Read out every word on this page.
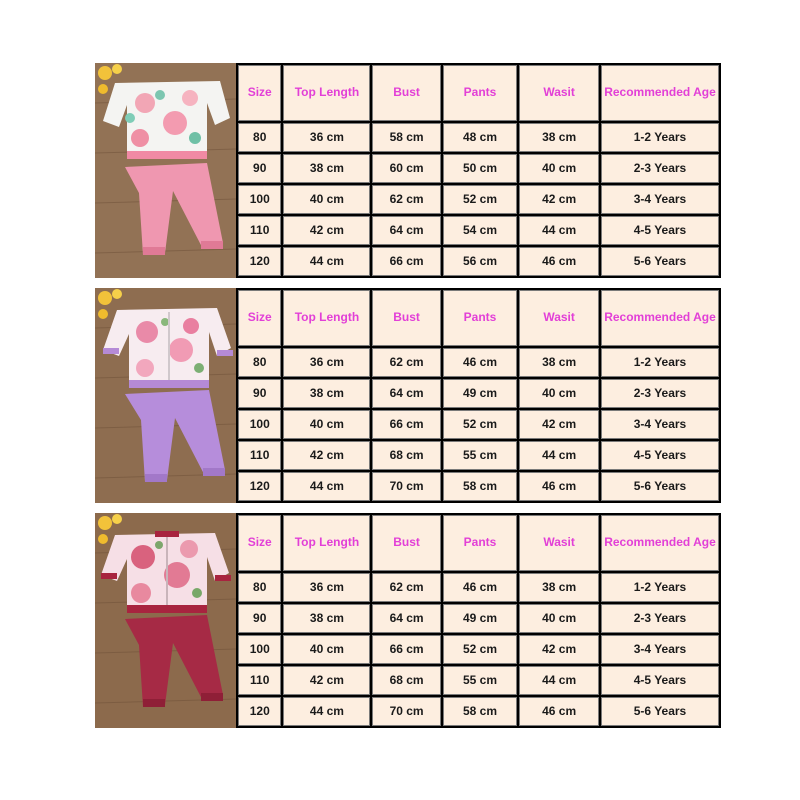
Size	Top Length	Bust	Pants	Wasit	Recommended Age
80	36 cm	58 cm	48 cm	38 cm	1-2 Years
90	38 cm	60 cm	50 cm	40 cm	2-3 Years
100	40 cm	62 cm	52 cm	42 cm	3-4 Years
110	42 cm	64 cm	54 cm	44 cm	4-5 Years
120	44 cm	66 cm	56 cm	46 cm	5-6 Years
Size	Top Length	Bust	Pants	Wasit	Recommended Age
80	36 cm	62 cm	46 cm	38 cm	1-2 Years
90	38 cm	64 cm	49 cm	40 cm	2-3 Years
100	40 cm	66 cm	52 cm	42 cm	3-4 Years
110	42 cm	68 cm	55 cm	44 cm	4-5 Years
120	44 cm	70 cm	58 cm	46 cm	5-6 Years
Size	Top Length	Bust	Pants	Wasit	Recommended Age
80	36 cm	62 cm	46 cm	38 cm	1-2 Years
90	38 cm	64 cm	49 cm	40 cm	2-3 Years
100	40 cm	66 cm	52 cm	42 cm	3-4 Years
110	42 cm	68 cm	55 cm	44 cm	4-5 Years
120	44 cm	70 cm	58 cm	46 cm	5-6 Years
